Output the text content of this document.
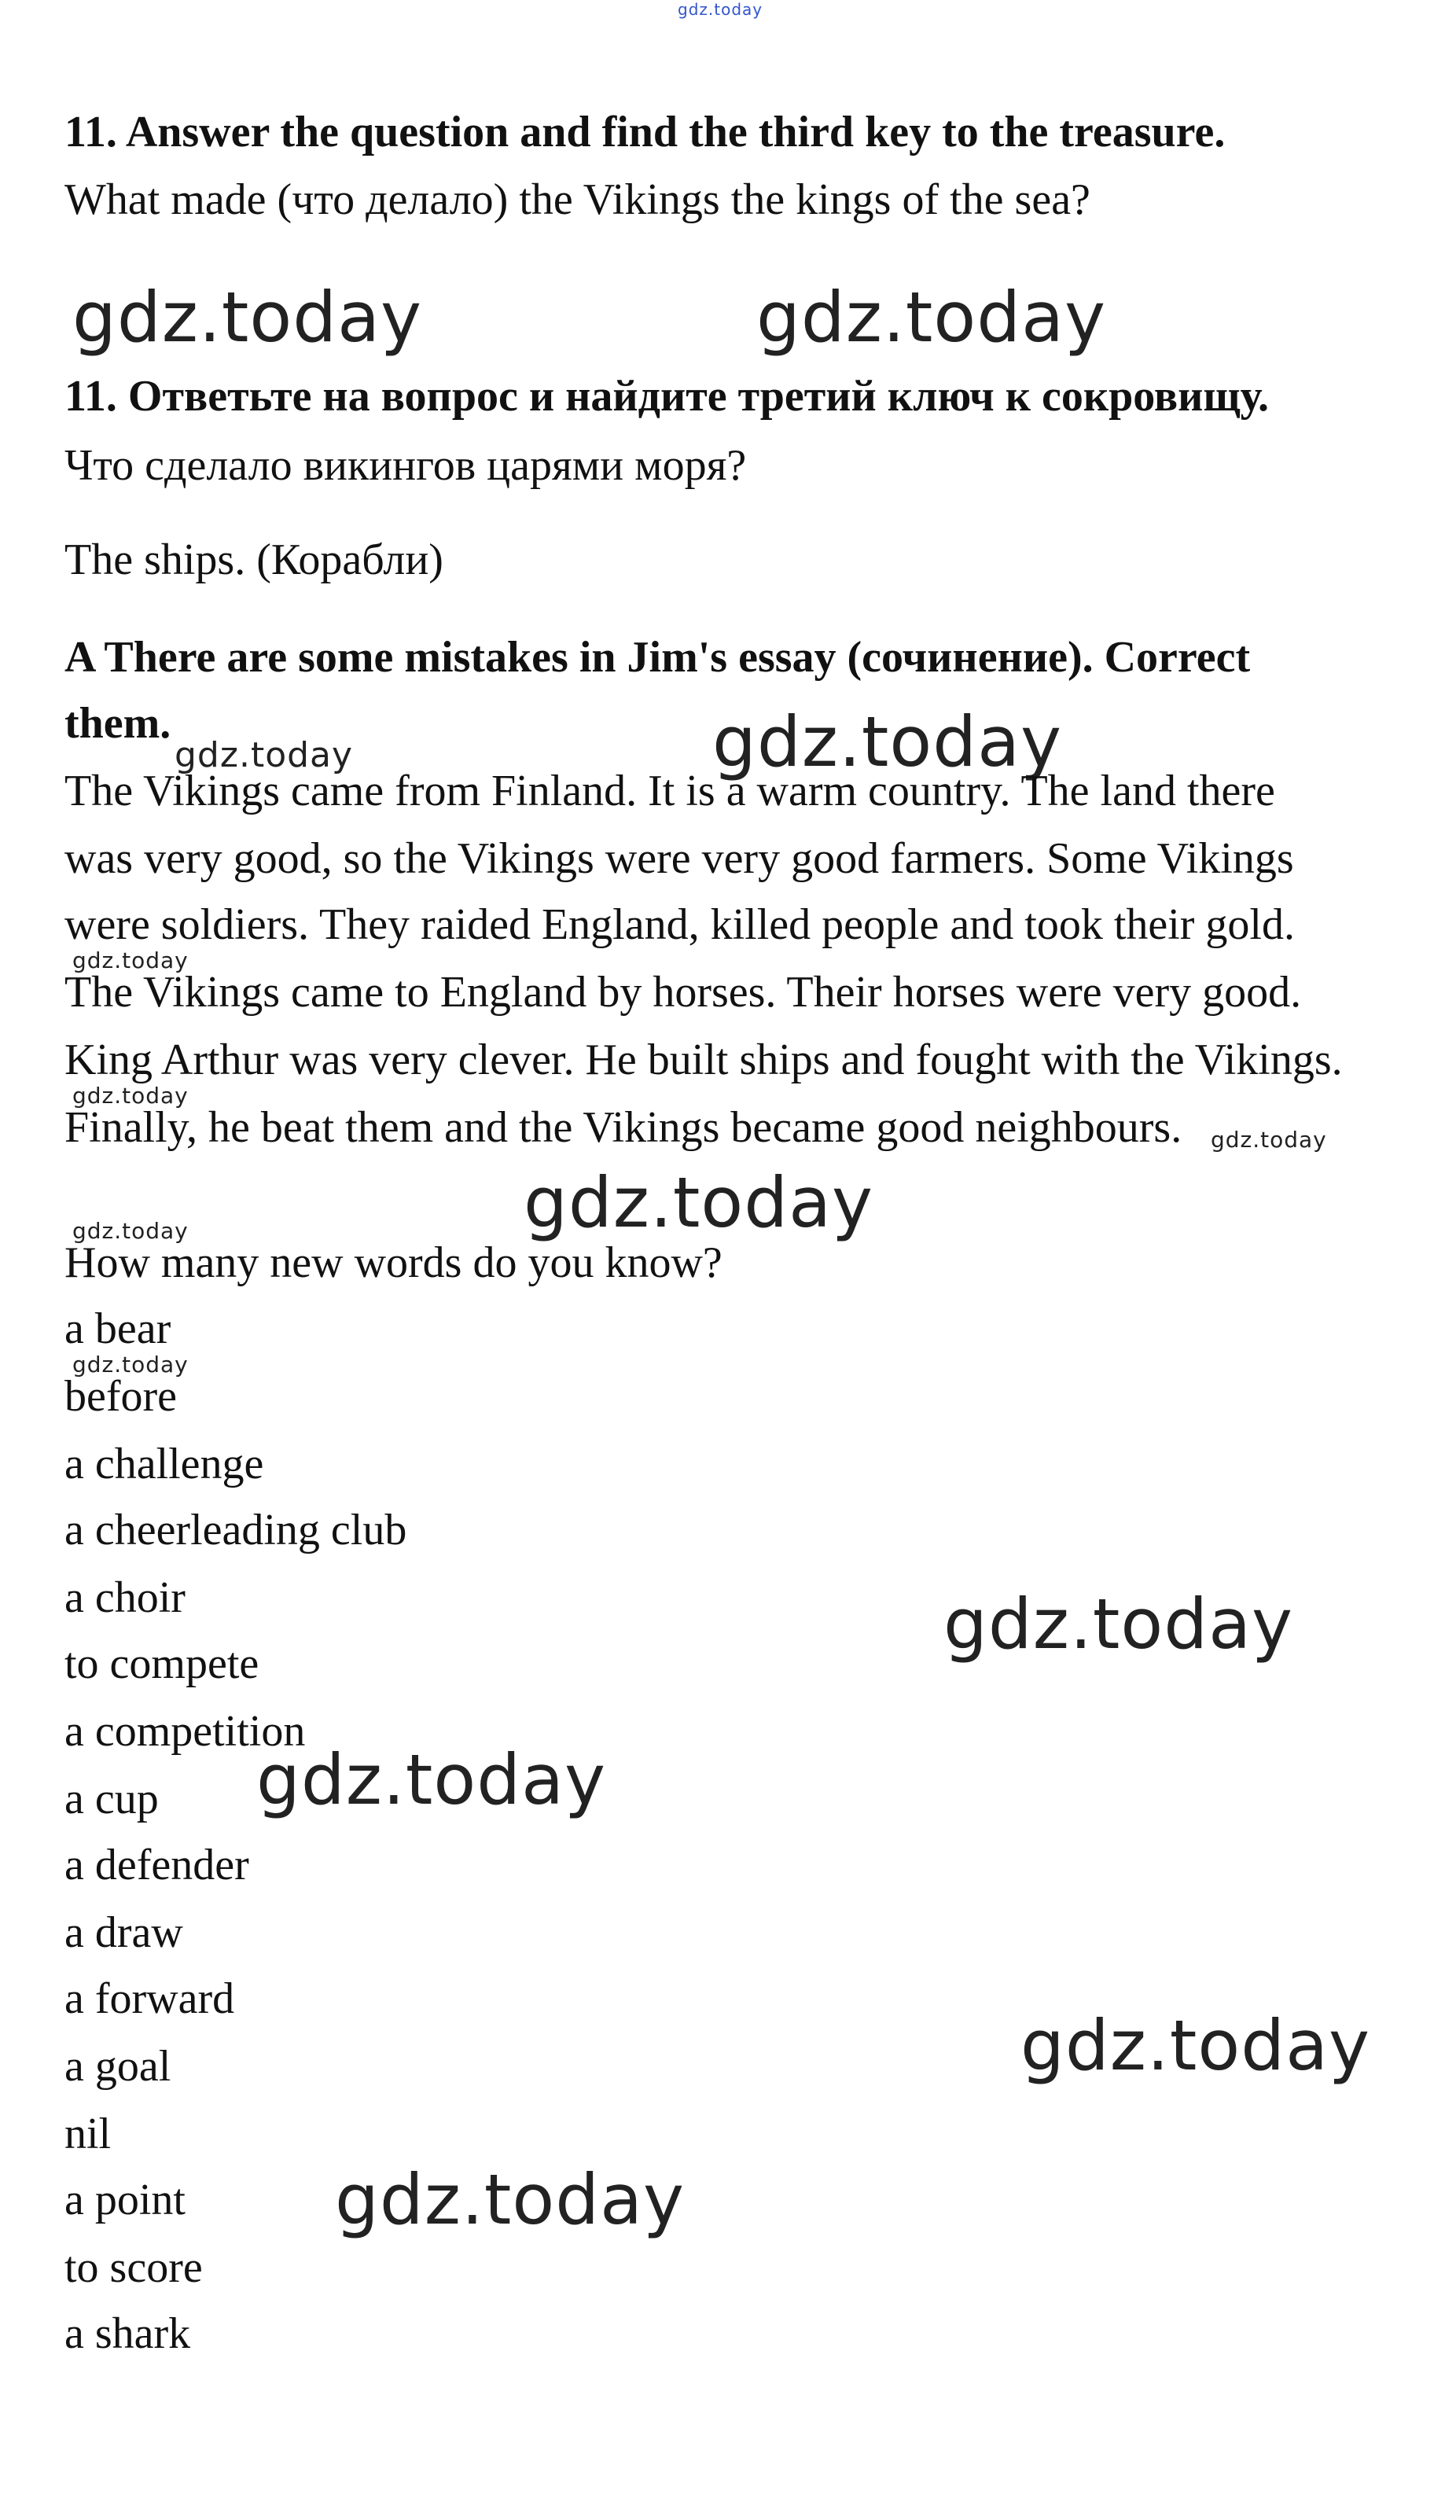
gdz.today
11. Answer the question and find the third key to the treasure.
What made (что делало) the Vikings the kings of the sea?
gdz.today	gdz.today
11. Ответьте на вопрос и найдите третий ключ к сокровищу.
Что сделало викингов царями моря?
The ships. (Корабли)
A There are some mistakes in Jim's essay (сочинение). Correct
them.
gdz.today	gdz.today
The Vikings came from Finland. It is a warm country. The land there
was very good, so the Vikings were very good farmers. Some Vikings
were soldiers. They raided England, killed people and took their gold.
gdz.today
The Vikings came to England by horses. Their horses were very good.
King Arthur was very clever. He built ships and fought with the Vikings.
gdz.today
Finally, he beat them and the Vikings became good neighbours. gdz.today
gdz.today
gdz.today
How many new words do you know?
a bear
gdz.today
before
a challenge
a cheerleading club
a choir	gdz.today
to compete
a competition
gdz.today
a cup
a defender
a draw
a forward
gdz.today
a goal
nil
gdz.today
a point
to score
a shark
